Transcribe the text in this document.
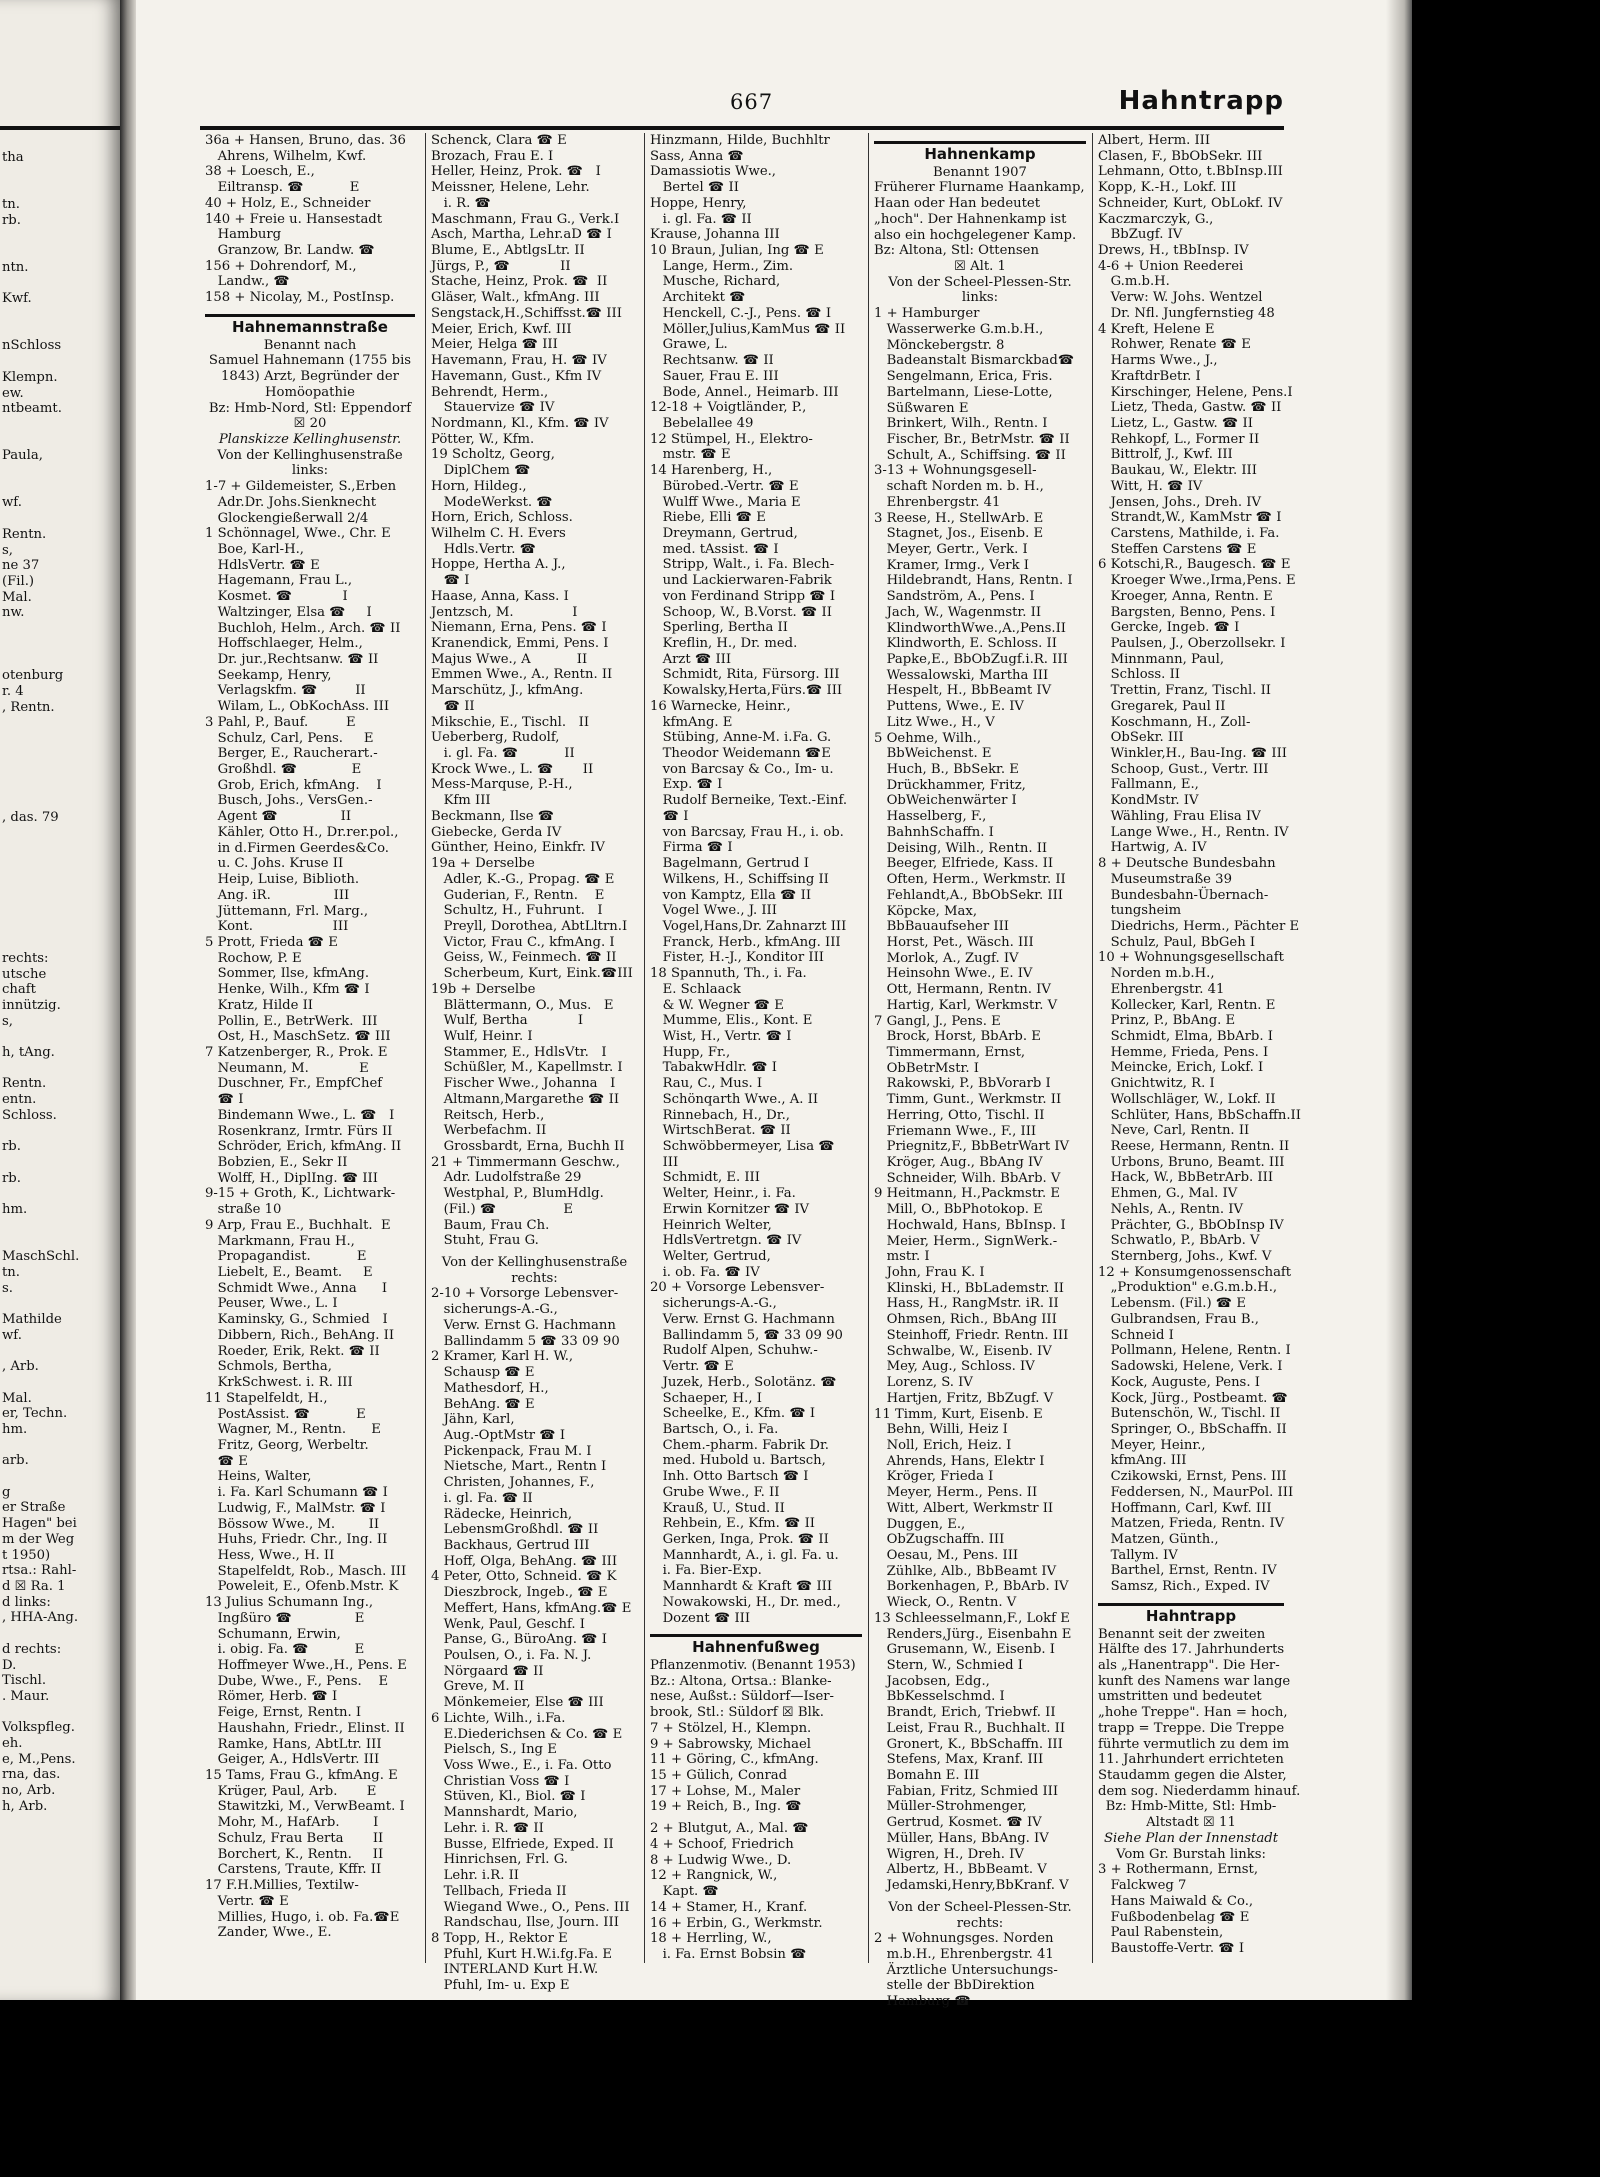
tha

tn.
rb.

ntn.

Kwf.

nSchloss

Klempn.
ew.
ntbeamt.

Paula,

wf.

Rentn.
s,
ne 37
(Fil.)
Mal.
nw.

otenburg
r. 4
, Rentn.

, das. 79

rechts:
utsche
chaft
innützig.
s,

h, tAng.

Rentn.
entn.
Schloss.

rb.

rb.

hm.

MaschSchl.
tn.
s.

Mathilde
wf.

, Arb.

Mal.
er, Techn.
hm.

arb.

g
er Straße
Hagen" bei
m der Weg
t 1950)
rtsa.: Rahl-
d ☒ Ra. 1
d links:
, HHA-Ang.

d rechts:
D.
Tischl.
. Maur.

Volkspfleg.
eh.
e, M.,Pens.
rna, das.
no, Arb.
h, Arb.
667	Hahntrapp
36a + Hansen, Bruno, das. 36
Ahrens, Wilhelm, Kwf.
38 + Loesch, E.,
Eiltransp. ☎           E
40 + Holz, E., Schneider
140 + Freie u. Hansestadt
Hamburg
Granzow, Br. Landw. ☎
156 + Dohrendorf, M.,
Landw., ☎
158 + Nicolay, M., PostInsp.
Hahnemannstraße
Benannt nach
Samuel Hahnemann (1755 bis
1843) Arzt, Begründer der
Homöopathie
Bz: Hmb-Nord, Stl: Eppendorf
☒ 20
Planskizze Kellinghusenstr.
Von der Kellinghusenstraße
links:
1-7 + Gildemeister, S.,Erben
Adr.Dr. Johs.Sienknecht
Glockengießerwall 2/4
1 Schönnagel, Wwe., Chr. E
Boe, Karl-H.,
HdlsVertr. ☎ E
Hagemann, Frau L.,
Kosmet. ☎            I
Waltzinger, Elsa ☎     I
Buchloh, Helm., Arch. ☎ II
Hoffschlaeger, Helm.,
Dr. jur.,Rechtsanw. ☎ II
Seekamp, Henry,
Verlagskfm. ☎         II
Wilam, L., ObKochAss. III
3 Pahl, P., Bauf.         E
Schulz, Carl, Pens.     E
Berger, E., Raucherart.-
Großhdl. ☎             E
Grob, Erich, kfmAng.    I
Busch, Johs., VersGen.-
Agent ☎               II
Kähler, Otto H., Dr.rer.pol.,
in d.Firmen Geerdes&Co.
u. C. Johs. Kruse II
Heip, Luise, Biblioth.
Ang. iR.               III
Jüttemann, Frl. Marg.,
Kont.                   III
5 Prott, Frieda ☎ E
Rochow, P. E
Sommer, Ilse, kfmAng.
Henke, Wilh., Kfm ☎ I
Kratz, Hilde II
Pollin, E., BetrWerk.  III
Ost, H., MaschSetz. ☎ III
7 Katzenberger, R., Prok. E
Neumann, M.            E
Duschner, Fr., EmpfChef
☎ I
Bindemann Wwe., L. ☎   I
Rosenkranz, Irmtr. Fürs II
Schröder, Erich, kfmAng. II
Bobzien, E., Sekr II
Wolff, H., DiplIng. ☎ III
9-15 + Groth, K., Lichtwark-
straße 10
9 Arp, Frau E., Buchhalt.  E
Markmann, Frau H.,
Propagandist.           E
Liebelt, E., Beamt.     E
Schmidt Wwe., Anna      I
Peuser, Wwe., L. I
Kaminsky, G., Schmied   I
Dibbern, Rich., BehAng. II
Roeder, Erik, Rekt. ☎ II
Schmols, Bertha,
KrkSchwest. i. R. III
11 Stapelfeldt, H.,
PostAssist. ☎           E
Wagner, M., Rentn.      E
Fritz, Georg, Werbeltr.
☎ E
Heins, Walter,
i. Fa. Karl Schumann ☎ I
Ludwig, F., MalMstr. ☎ I
Bössow Wwe., M.        II
Huhs, Friedr. Chr., Ing. II
Hess, Wwe., H. II
Stapelfeldt, Rob., Masch. III
Poweleit, E., Ofenb.Mstr. K
13 Julius Schumann Ing.,
Ingßüro ☎               E
Schumann, Erwin,
i. obig. Fa. ☎           E
Hoffmeyer Wwe.,H., Pens. E
Dube, Wwe., F., Pens.    E
Römer, Herb. ☎ I
Feige, Ernst, Rentn. I
Haushahn, Friedr., Elinst. II
Ramke, Hans, AbtLtr. III
Geiger, A., HdlsVertr. III
15 Tams, Frau G., kfmAng. E
Krüger, Paul, Arb.       E
Stawitzki, M., VerwBeamt. I
Mohr, M., HafArb.        I
Schulz, Frau Berta       II
Borchert, K., Rentn.     II
Carstens, Traute, Kffr. II
17 F.H.Millies, Textilw-
Vertr. ☎ E
Millies, Hugo, i. ob. Fa.☎E
Zander, Wwe., E.
Schenck, Clara ☎ E
Brozach, Frau E. I
Heller, Heinz, Prok. ☎   I
Meissner, Helene, Lehr.
i. R. ☎
Maschmann, Frau G., Verk.I
Asch, Martha, Lehr.aD ☎ I
Blume, E., AbtlgsLtr. II
Jürgs, P., ☎            II
Stache, Heinz, Prok. ☎  II
Gläser, Walt., kfmAng. III
Sengstack,H.,Schiffsst.☎ III
Meier, Erich, Kwf. III
Meier, Helga ☎ III
Havemann, Frau, H. ☎ IV
Havemann, Gust., Kfm IV
Behrendt, Herm.,
Stauervize ☎ IV
Nordmann, Kl., Kfm. ☎ IV
Pötter, W., Kfm.
19 Scholtz, Georg,
DiplChem ☎
Horn, Hildeg.,
ModeWerkst. ☎
Horn, Erich, Schloss.
Wilhelm C. H. Evers
Hdls.Vertr. ☎
Hoppe, Hertha A. J.,
☎ I
Haase, Anna, Kass. I
Jentzsch, M.              I
Niemann, Erna, Pens. ☎ I
Kranendick, Emmi, Pens. I
Majus Wwe., A           II
Emmen Wwe., A., Rentn. II
Marschütz, J., kfmAng.
☎ II
Mikschie, E., Tischl.   II
Ueberberg, Rudolf,
i. gl. Fa. ☎           II
Krock Wwe., L. ☎       II
Mess-Marquse, P.-H.,
Kfm III
Beckmann, Ilse ☎
Giebecke, Gerda IV
Günther, Heino, Einkfr. IV
19a + Derselbe
Adler, K.-G., Propag. ☎ E
Guderian, F., Rentn.    E
Schultz, H., Fuhrunt.   I
Preyll, Dorothea, AbtLltrn.I
Victor, Frau C., kfmAng. I
Geiss, W., Feinmech. ☎ II
Scherbeum, Kurt, Eink.☎III
19b + Derselbe
Blättermann, O., Mus.   E
Wulf, Bertha            I
Wulf, Heinr. I
Stammer, E., HdlsVtr.   I
Schüßler, M., Kapellmstr. I
Fischer Wwe., Johanna   I
Altmann,Margarethe ☎ II
Reitsch, Herb.,
Werbefachm. II
Grossbardt, Erna, Buchh II
21 + Timmermann Geschw.,
Adr. Ludolfstraße 29
Westphal, P., BlumHdlg.
(Fil.) ☎                E
Baum, Frau Ch.
Stuht, Frau G.
Von der Kellinghusenstraße
rechts:
2-10 + Vorsorge Lebensver-
sicherungs-A.-G.,
Verw. Ernst G. Hachmann
Ballindamm 5 ☎ 33 09 90
2 Kramer, Karl H. W.,
Schausp ☎ E
Mathesdorf, H.,
BehAng. ☎ E
Jähn, Karl,
Aug.-OptMstr ☎ I
Pickenpack, Frau M. I
Nietsche, Mart., Rentn I
Christen, Johannes, F.,
i. gl. Fa. ☎ II
Rädecke, Heinrich,
LebensmGroßhdl. ☎ II
Backhaus, Gertrud III
Hoff, Olga, BehAng. ☎ III
4 Peter, Otto, Schneid. ☎ K
Dieszbrock, Ingeb., ☎ E
Meffert, Hans, kfmAng.☎ E
Wenk, Paul, Geschf. I
Panse, G., BüroAng. ☎ I
Poulsen, O., i. Fa. N. J.
Nörgaard ☎ II
Greve, M. II
Mönkemeier, Else ☎ III
6 Lichte, Wilh., i.Fa.
E.Diederichsen & Co. ☎ E
Pielsch, S., Ing E
Voss Wwe., E., i. Fa. Otto
Christian Voss ☎ I
Stüven, Kl., Biol. ☎ I
Mannshardt, Mario,
Lehr. i. R. ☎ II
Busse, Elfriede, Exped. II
Hinrichsen, Frl. G.
Lehr. i.R. II
Tellbach, Frieda II
Wiegand Wwe., O., Pens. III
Randschau, Ilse, Journ. III
8 Topp, H., Rektor E
Pfuhl, Kurt H.W.i.fg.Fa. E
INTERLAND Kurt H.W.
Pfuhl, Im- u. Exp E
Hinzmann, Hilde, Buchhltr
Sass, Anna ☎
Damassiotis Wwe.,
Bertel ☎ II
Hoppe, Henry,
i. gl. Fa. ☎ II
Krause, Johanna III
10 Braun, Julian, Ing ☎ E
Lange, Herm., Zim.
Musche, Richard,
Architekt ☎
Henckell, C.-J., Pens. ☎ I
Möller,Julius,KamMus ☎ II
Grawe, L.
Rechtsanw. ☎ II
Sauer, Frau E. III
Bode, Annel., Heimarb. III
12-18 + Voigtländer, P.,
Bebelallee 49
12 Stümpel, H., Elektro-
mstr. ☎ E
14 Harenberg, H.,
Bürobed.-Vertr. ☎ E
Wulff Wwe., Maria E
Riebe, Elli ☎ E
Dreymann, Gertrud,
med. tAssist. ☎ I
Stripp, Walt., i. Fa. Blech-
und Lackierwaren-Fabrik
von Ferdinand Stripp ☎ I
Schoop, W., B.Vorst. ☎ II
Sperling, Bertha II
Kreflin, H., Dr. med.
Arzt ☎ III
Schmidt, Rita, Fürsorg. III
Kowalsky,Herta,Fürs.☎ III
16 Warnecke, Heinr.,
kfmAng. E
Stübing, Anne-M. i.Fa. G.
Theodor Weidemann ☎E
von Barcsay & Co., Im- u.
Exp. ☎ I
Rudolf Berneike, Text.-Einf.
☎ I
von Barcsay, Frau H., i. ob.
Firma ☎ I
Bagelmann, Gertrud I
Wilkens, H., Schiffsing II
von Kamptz, Ella ☎ II
Vogel Wwe., J. III
Vogel,Hans,Dr. Zahnarzt III
Franck, Herb., kfmAng. III
Fister, H.-J., Konditor III
18 Spannuth, Th., i. Fa.
E. Schlaack
& W. Wegner ☎ E
Mumme, Elis., Kont. E
Wist, H., Vertr. ☎ I
Hupp, Fr.,
TabakwHdlr. ☎ I
Rau, C., Mus. I
Schönqarth Wwe., A. II
Rinnebach, H., Dr.,
WirtschBerat. ☎ II
Schwöbbermeyer, Lisa ☎
III
Schmidt, E. III
Welter, Heinr., i. Fa.
Erwin Kornitzer ☎ IV
Heinrich Welter,
HdlsVertretgn. ☎ IV
Welter, Gertrud,
i. ob. Fa. ☎ IV
20 + Vorsorge Lebensver-
sicherungs-A.-G.,
Verw. Ernst G. Hachmann
Ballindamm 5, ☎ 33 09 90
Rudolf Alpen, Schuhw.-
Vertr. ☎ E
Juzek, Herb., Solotänz. ☎
Schaeper, H., I
Scheelke, E., Kfm. ☎ I
Bartsch, O., i. Fa.
Chem.-pharm. Fabrik Dr.
med. Hubold u. Bartsch,
Inh. Otto Bartsch ☎ I
Grube Wwe., F. II
Krauß, U., Stud. II
Rehbein, E., Kfm. ☎ II
Gerken, Inga, Prok. ☎ II
Mannhardt, A., i. gl. Fa. u.
i. Fa. Bier-Exp.
Mannhardt & Kraft ☎ III
Nowakowski, H., Dr. med.,
Dozent ☎ III
Hahnenfußweg
Pflanzenmotiv. (Benannt 1953)
Bz.: Altona, Ortsa.: Blanke-
nese, Außst.: Süldorf—Iser-
brook, Stl.: Süldorf ☒ Blk.
7 + Stölzel, H., Klempn.
9 + Sabrowsky, Michael
11 + Göring, C., kfmAng.
15 + Gülich, Conrad
17 + Lohse, M., Maler
19 + Reich, B., Ing. ☎
2 + Blutgut, A., Mal. ☎
4 + Schoof, Friedrich
8 + Ludwig Wwe., D.
12 + Rangnick, W.,
Kapt. ☎
14 + Stamer, H., Kranf.
16 + Erbin, G., Werkmstr.
18 + Herrling, W.,
i. Fa. Ernst Bobsin ☎
Hahnenkamp
Benannt 1907
Früherer Flurname Haankamp,
Haan oder Han bedeutet
„hoch". Der Hahnenkamp ist
also ein hochgelegener Kamp.
Bz: Altona, Stl: Ottensen
☒ Alt. 1
Von der Scheel-Plessen-Str.
links:
1 + Hamburger
Wasserwerke G.m.b.H.,
Mönckebergstr. 8
Badeanstalt Bismarckbad☎
Sengelmann, Erica, Fris.
Bartelmann, Liese-Lotte,
Süßwaren E
Brinkert, Wilh., Rentn. I
Fischer, Br., BetrMstr. ☎ II
Schult, A., Schiffsing. ☎ II
3-13 + Wohnungsgesell-
schaft Norden m. b. H.,
Ehrenbergstr. 41
3 Reese, H., StellwArb. E
Stagnet, Jos., Eisenb. E
Meyer, Gertr., Verk. I
Kramer, Irmg., Verk I
Hildebrandt, Hans, Rentn. I
Sandström, A., Pens. I
Jach, W., Wagenmstr. II
KlindworthWwe.,A.,Pens.II
Klindworth, E. Schloss. II
Papke,E., BbObZugf.i.R. III
Wessalowski, Martha III
Hespelt, H., BbBeamt IV
Puttens, Wwe., E. IV
Litz Wwe., H., V
5 Oehme, Wilh.,
BbWeichenst. E
Huch, B., BbSekr. E
Drückhammer, Fritz,
ObWeichenwärter I
Hasselberg, F.,
BahnhSchaffn. I
Deising, Wilh., Rentn. II
Beeger, Elfriede, Kass. II
Often, Herm., Werkmstr. II
Fehlandt,A., BbObSekr. III
Köpcke, Max,
BbBauaufseher III
Horst, Pet., Wäsch. III
Morlok, A., Zugf. IV
Heinsohn Wwe., E. IV
Ott, Hermann, Rentn. IV
Hartig, Karl, Werkmstr. V
7 Gangl, J., Pens. E
Brock, Horst, BbArb. E
Timmermann, Ernst,
ObBetrMstr. I
Rakowski, P., BbVorarb I
Timm, Gunt., Werkmstr. II
Herring, Otto, Tischl. II
Friemann Wwe., F., III
Priegnitz,F., BbBetrWart IV
Kröger, Aug., BbAng IV
Schneider, Wilh. BbArb. V
9 Heitmann, H.,Packmstr. E
Mill, O., BbPhotokop. E
Hochwald, Hans, BbInsp. I
Meier, Herm., SignWerk.-
mstr. I
John, Frau K. I
Klinski, H., BbLademstr. II
Hass, H., RangMstr. iR. II
Ohmsen, Rich., BbAng III
Steinhoff, Friedr. Rentn. III
Schwalbe, W., Eisenb. IV
Mey, Aug., Schloss. IV
Lorenz, S. IV
Hartjen, Fritz, BbZugf. V
11 Timm, Kurt, Eisenb. E
Behn, Willi, Heiz I
Noll, Erich, Heiz. I
Ahrends, Hans, Elektr I
Kröger, Frieda I
Meyer, Herm., Pens. II
Witt, Albert, Werkmstr II
Duggen, E.,
ObZugschaffn. III
Oesau, M., Pens. III
Zühlke, Alb., BbBeamt IV
Borkenhagen, P., BbArb. IV
Wieck, O., Rentn. V
13 Schleesselmann,F., Lokf E
Renders,Jürg., Eisenbahn E
Grusemann, W., Eisenb. I
Stern, W., Schmied I
Jacobsen, Edg.,
BbKesselschmd. I
Brandt, Erich, Triebwf. II
Leist, Frau R., Buchhalt. II
Gronert, K., BbSchaffn. III
Stefens, Max, Kranf. III
Bomahn E. III
Fabian, Fritz, Schmied III
Müller-Strohmenger,
Gertrud, Kosmet. ☎ IV
Müller, Hans, BbAng. IV
Wigren, H., Dreh. IV
Albertz, H., BbBeamt. V
Jedamski,Henry,BbKranf. V
Von der Scheel-Plessen-Str.
rechts:
2 + Wohnungsges. Norden
m.b.H., Ehrenbergstr. 41
Ärztliche Untersuchungs-
stelle der BbDirektion
Hamburg ☎
Albert, Herm. III
Clasen, F., BbObSekr. III
Lehmann, Otto, t.BbInsp.III
Kopp, K.-H., Lokf. III
Schneider, Kurt, ObLokf. IV
Kaczmarczyk, G.,
BbZugf. IV
Drews, H., tBbInsp. IV
4-6 + Union Reederei
G.m.b.H.
Verw: W. Johs. Wentzel
Dr. Nfl. Jungfernstieg 48
4 Kreft, Helene E
Rohwer, Renate ☎ E
Harms Wwe., J.,
KraftdrBetr. I
Kirschinger, Helene, Pens.I
Lietz, Theda, Gastw. ☎ II
Lietz, L., Gastw. ☎ II
Rehkopf, L., Former II
Bittrolf, J., Kwf. III
Baukau, W., Elektr. III
Witt, H. ☎ IV
Jensen, Johs., Dreh. IV
Strandt,W., KamMstr ☎ I
Carstens, Mathilde, i. Fa.
Steffen Carstens ☎ E
6 Kotschi,R., Baugesch. ☎ E
Kroeger Wwe.,Irma,Pens. E
Kroeger, Anna, Rentn. E
Bargsten, Benno, Pens. I
Gercke, Ingeb. ☎ I
Paulsen, J., Oberzollsekr. I
Minnmann, Paul,
Schloss. II
Trettin, Franz, Tischl. II
Gregarek, Paul II
Koschmann, H., Zoll-
ObSekr. III
Winkler,H., Bau-Ing. ☎ III
Schoop, Gust., Vertr. III
Fallmann, E.,
KondMstr. IV
Wähling, Frau Elisa IV
Lange Wwe., H., Rentn. IV
Hartwig, A. IV
8 + Deutsche Bundesbahn
Museumstraße 39
Bundesbahn-Übernach-
tungsheim
Diedrichs, Herm., Pächter E
Schulz, Paul, BbGeh I
10 + Wohnungsgesellschaft
Norden m.b.H.,
Ehrenbergstr. 41
Kollecker, Karl, Rentn. E
Prinz, P., BbAng. E
Schmidt, Elma, BbArb. I
Hemme, Frieda, Pens. I
Meincke, Erich, Lokf. I
Gnichtwitz, R. I
Wollschläger, W., Lokf. II
Schlüter, Hans, BbSchaffn.II
Neve, Carl, Rentn. II
Reese, Hermann, Rentn. II
Urbons, Bruno, Beamt. III
Hack, W., BbBetrArb. III
Ehmen, G., Mal. IV
Nehls, A., Rentn. IV
Prächter, G., BbObInsp IV
Schwatlo, P., BbArb. V
Sternberg, Johs., Kwf. V
12 + Konsumgenossenschaft
„Produktion" e.G.m.b.H.,
Lebensm. (Fil.) ☎ E
Gulbrandsen, Frau B.,
Schneid I
Pollmann, Helene, Rentn. I
Sadowski, Helene, Verk. I
Kock, Auguste, Pens. I
Kock, Jürg., Postbeamt. ☎
Butenschön, W., Tischl. II
Springer, O., BbSchaffn. II
Meyer, Heinr.,
kfmAng. III
Czikowski, Ernst, Pens. III
Feddersen, N., MaurPol. III
Hoffmann, Carl, Kwf. III
Matzen, Frieda, Rentn. IV
Matzen, Günth.,
Tallym. IV
Barthel, Ernst, Rentn. IV
Samsz, Rich., Exped. IV
Hahntrapp
Benannt seit der zweiten
Hälfte des 17. Jahrhunderts
als „Hanentrapp". Die Her-
kunft des Namens war lange
umstritten und bedeutet
„hohe Treppe". Han = hoch,
trapp = Treppe. Die Treppe
führte vermutlich zu dem im
11. Jahrhundert errichteten
Staudamm gegen die Alster,
dem sog. Niederdamm hinauf.
Bz: Hmb-Mitte, Stl: Hmb-
Altstadt ☒ 11
Siehe Plan der Innenstadt
Vom Gr. Burstah links:
3 + Rothermann, Ernst,
Falckweg 7
Hans Maiwald & Co.,
Fußbodenbelag ☎ E
Paul Rabenstein,
Baustoffe-Vertr. ☎ I
